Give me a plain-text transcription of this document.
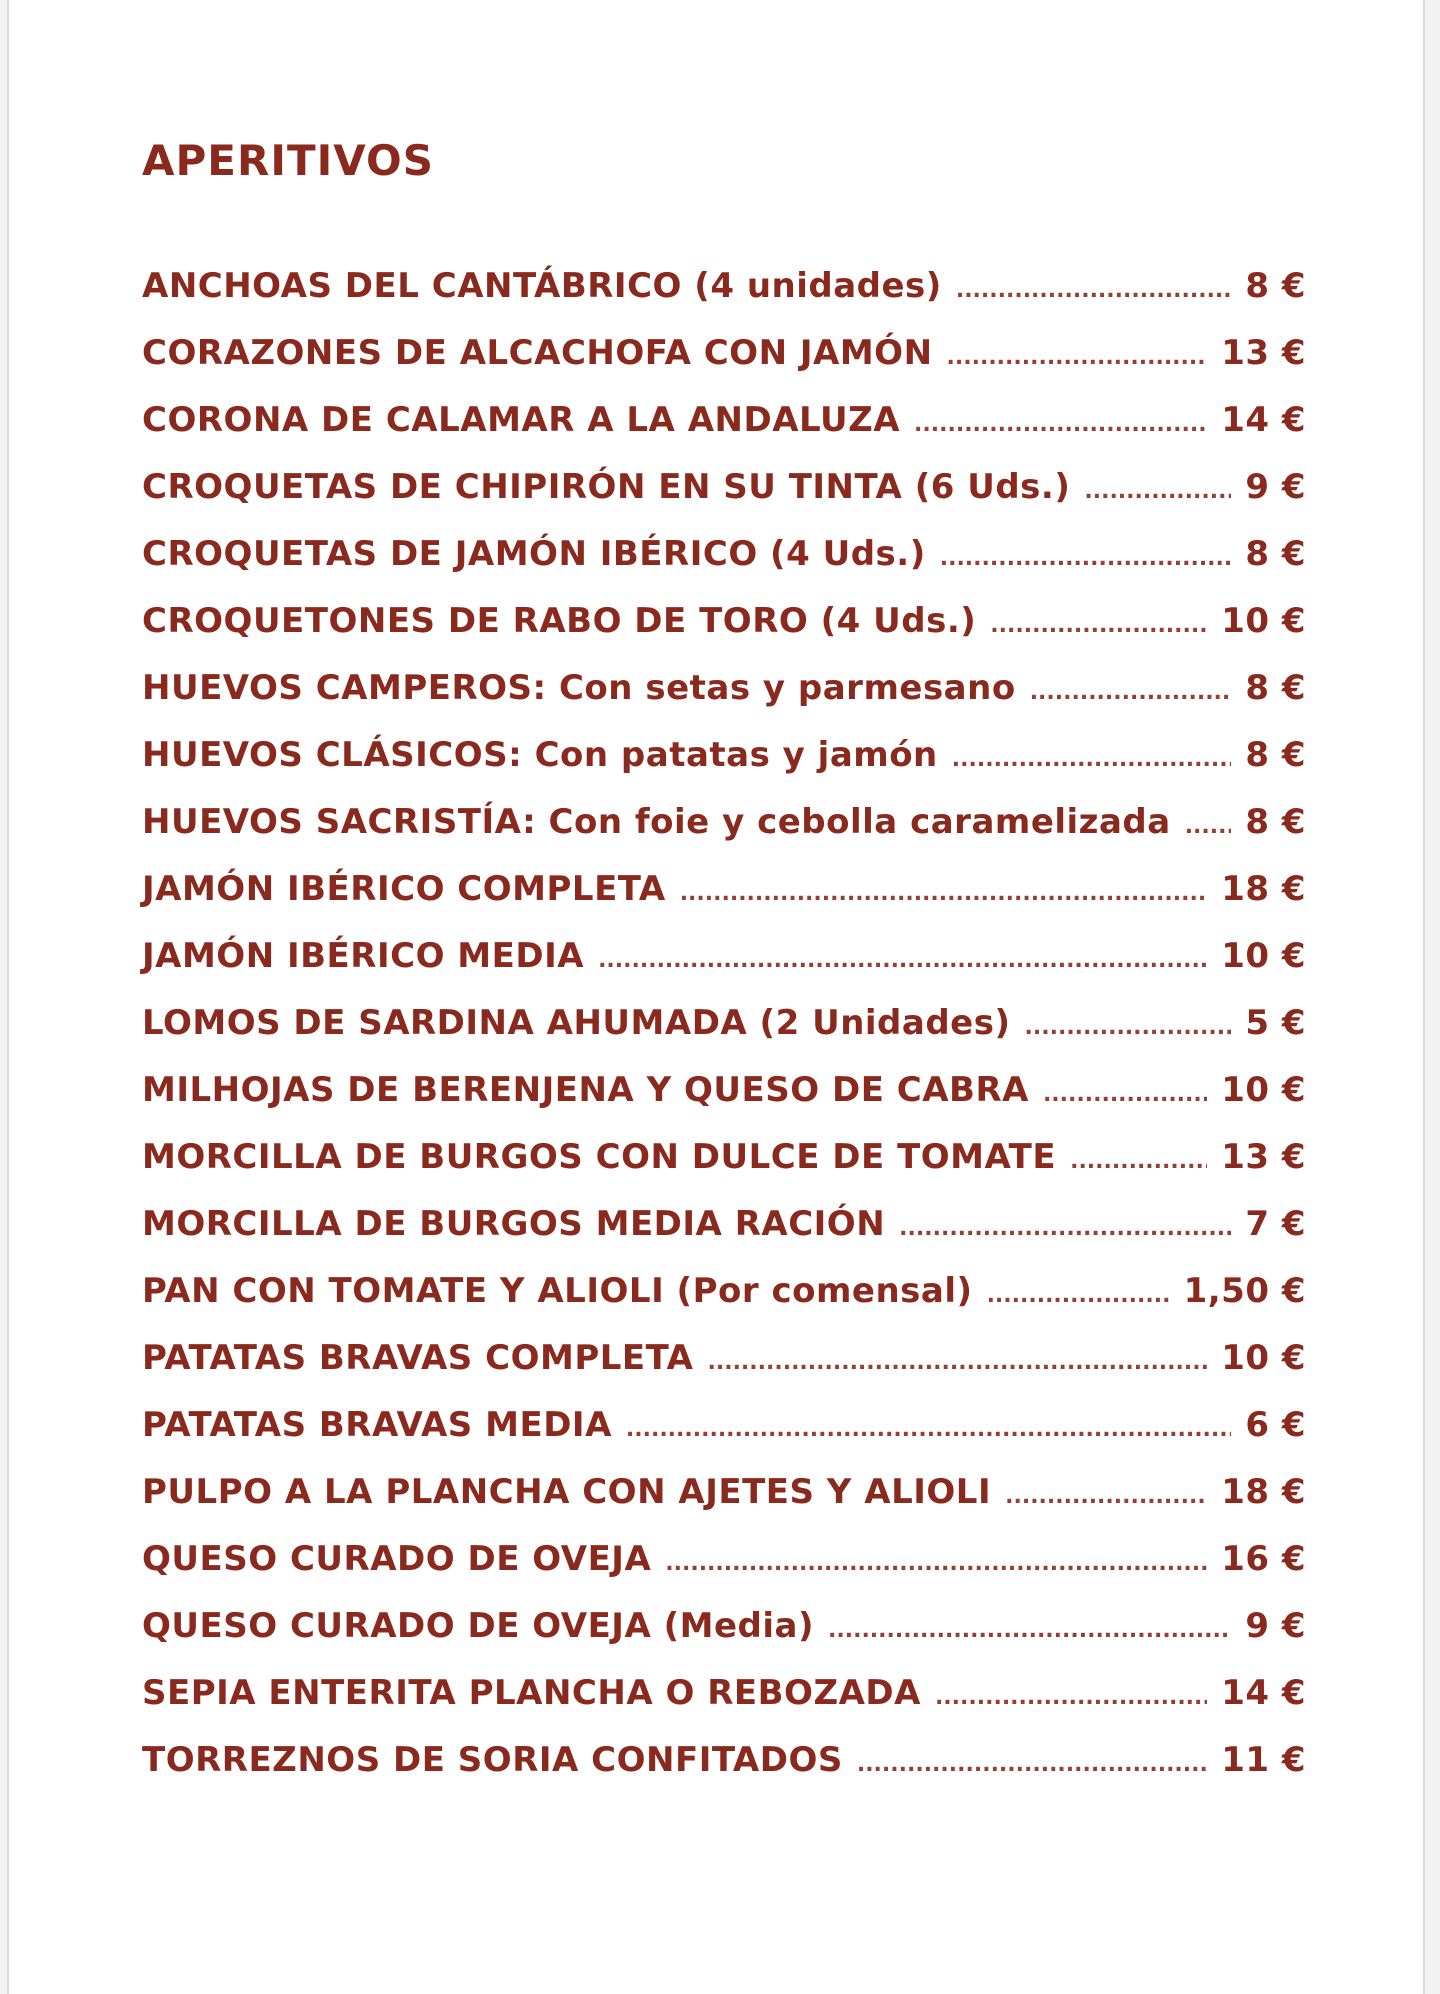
APERITIVOS
ANCHOAS DEL CANTÁBRICO (4 unidades) .....	8 €
CORAZONES DE ALCACHOFA CON JAMÓN .....	13 €
CORONA DE CALAMAR A LA ANDALUZA .....	14 €
CROQUETAS DE CHIPIRÓN EN SU TINTA (6 Uds.) .....	9 €
CROQUETAS DE JAMÓN IBÉRICO (4 Uds.) .....	8 €
CROQUETONES DE RABO DE TORO (4 Uds.) .....	10 €
HUEVOS CAMPEROS: Con setas y parmesano .....	8 €
HUEVOS CLÁSICOS: Con patatas y jamón .....	8 €
HUEVOS SACRISTÍA: Con foie y cebolla caramelizada ..... 8 €
JAMÓN IBÉRICO COMPLETA .....	18 €
JAMÓN IBÉRICO MEDIA .....	10 €
LOMOS DE SARDINA AHUMADA (2 Unidades) .....	5 €
MILHOJAS DE BERENJENA Y QUESO DE CABRA .....	10 €
MORCILLA DE BURGOS CON DULCE DE TOMATE .....	13 €
MORCILLA DE BURGOS MEDIA RACIÓN .....	7 €
PAN CON TOMATE Y ALIOLI (Por comensal) .....	1,50 €
PATATAS BRAVAS COMPLETA .....	10 €
PATATAS BRAVAS MEDIA .....	6 €
PULPO A LA PLANCHA CON AJETES Y ALIOLI .....	18 €
QUESO CURADO DE OVEJA .....	16 €
QUESO CURADO DE OVEJA (Media) .....	9 €
SEPIA ENTERITA PLANCHA O REBOZADA .....	14 €
TORREZNOS DE SORIA CONFITADOS .....	11 €
